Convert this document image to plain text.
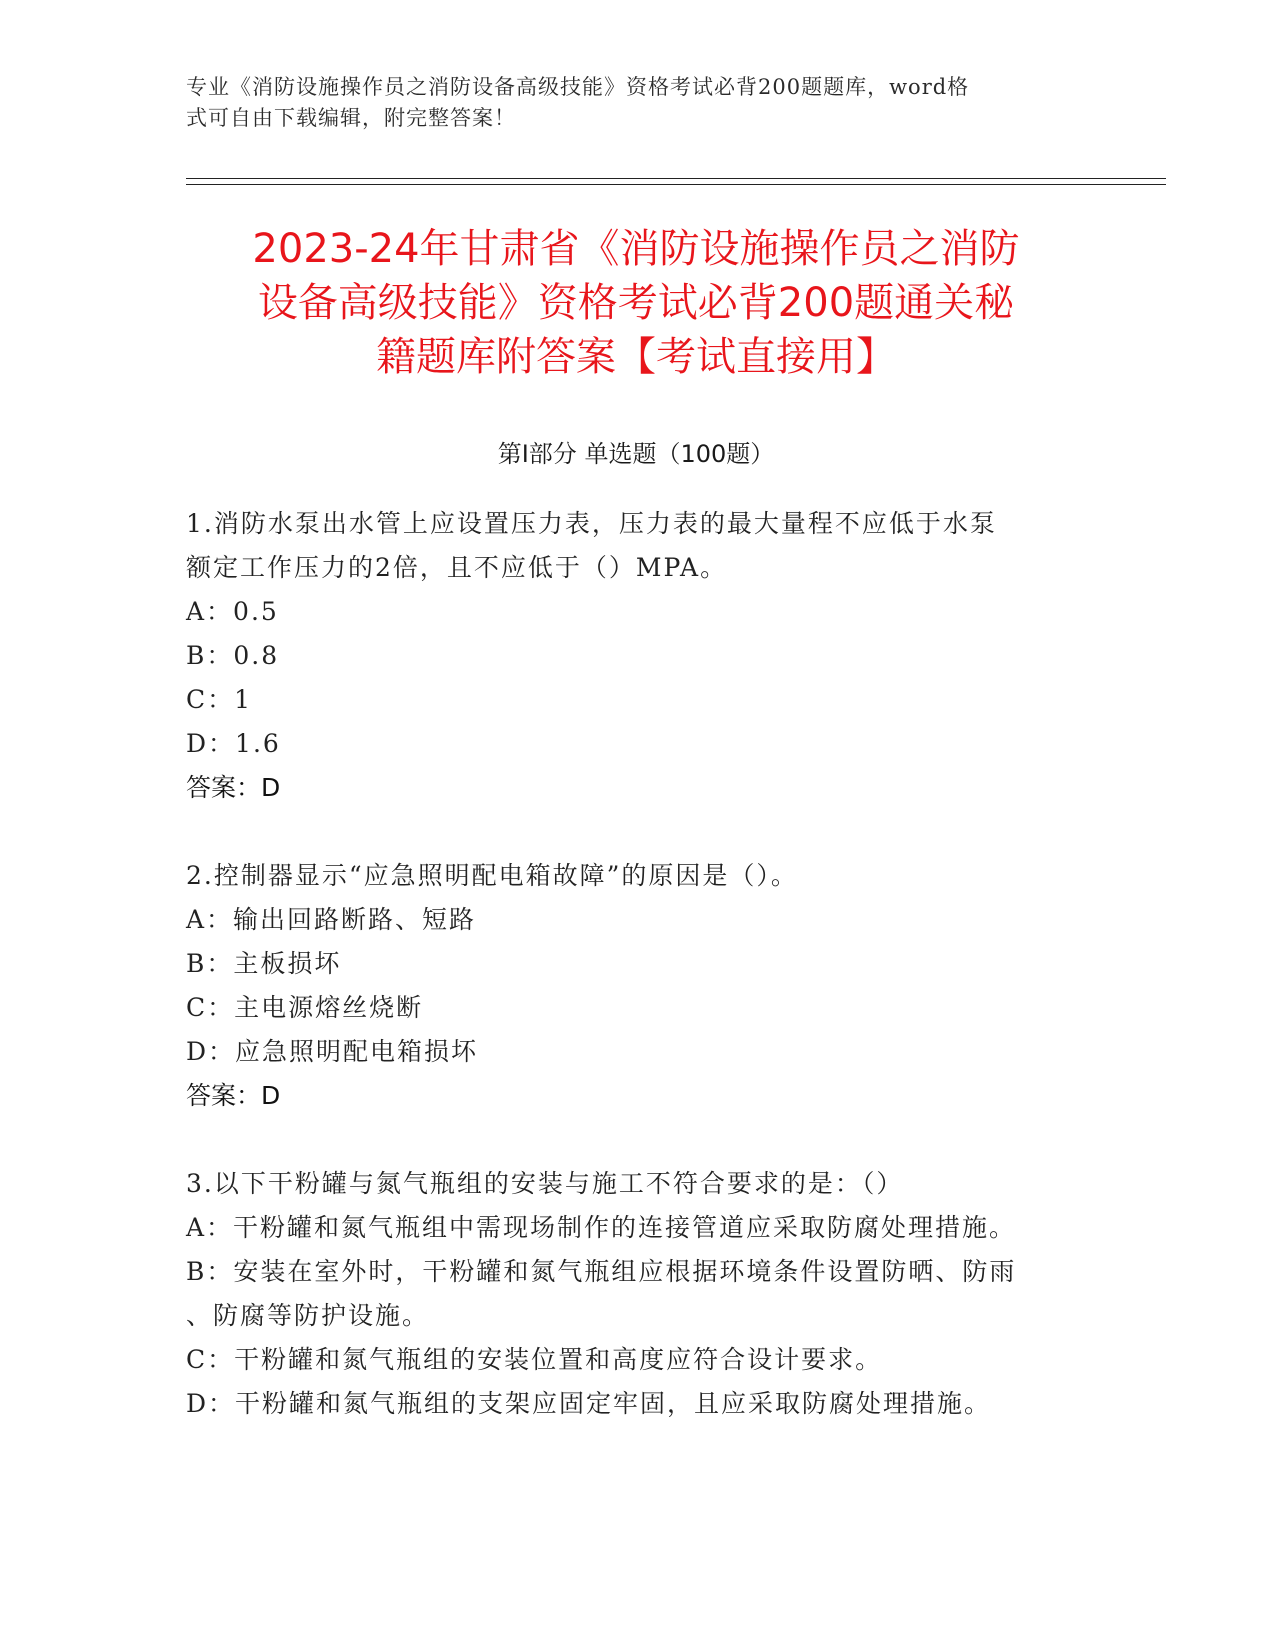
专业《消防设施操作员之消防设备高级技能》资格考试必背200题题库，word格
式可自由下载编辑，附完整答案！
2023-24年甘肃省《消防设施操作员之消防
设备高级技能》资格考试必背200题通关秘
籍题库附答案【考试直接用】
第Ⅰ部分 单选题（100题）
1.消防水泵出水管上应设置压力表，压力表的最大量程不应低于水泵
额定工作压力的2倍，且不应低于（）MPA。
A：0.5
B：0.8
C：1
D：1.6
答案：D
2.控制器显示“应急照明配电箱故障”的原因是（）。
A：输出回路断路、短路
B：主板损坏
C：主电源熔丝烧断
D：应急照明配电箱损坏
答案：D
3.以下干粉罐与氮气瓶组的安装与施工不符合要求的是：（）
A：干粉罐和氮气瓶组中需现场制作的连接管道应采取防腐处理措施。
B：安装在室外时，干粉罐和氮气瓶组应根据环境条件设置防晒、防雨
、防腐等防护设施。
C：干粉罐和氮气瓶组的安装位置和高度应符合设计要求。
D：干粉罐和氮气瓶组的支架应固定牢固，且应采取防腐处理措施。
